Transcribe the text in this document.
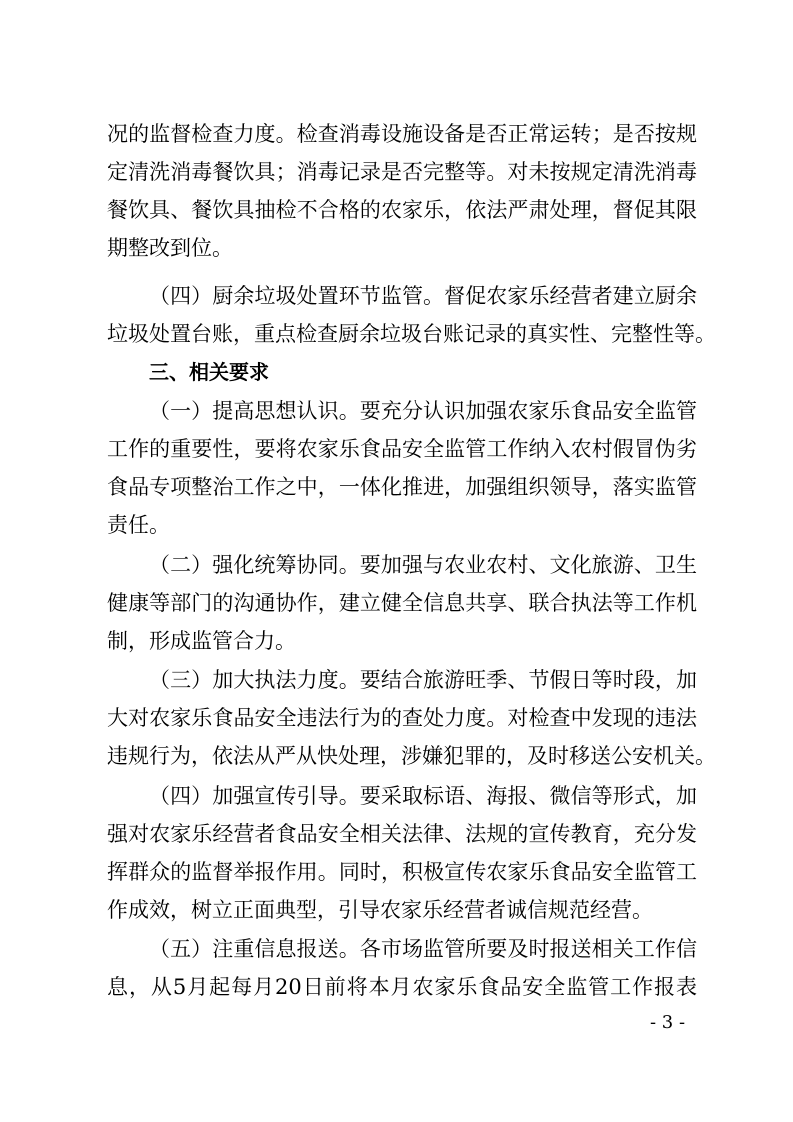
况的监督检查力度。检查消毒设施设备是否正常运转；是否按规
定清洗消毒餐饮具；消毒记录是否完整等。对未按规定清洗消毒
餐饮具、餐饮具抽检不合格的农家乐，依法严肃处理，督促其限
期整改到位。
（四）厨余垃圾处置环节监管。督促农家乐经营者建立厨余
垃圾处置台账，重点检查厨余垃圾台账记录的真实性、完整性等。
三、相关要求
（一）提高思想认识。要充分认识加强农家乐食品安全监管
工作的重要性，要将农家乐食品安全监管工作纳入农村假冒伪劣
食品专项整治工作之中，一体化推进，加强组织领导，落实监管
责任。
（二）强化统筹协同。要加强与农业农村、文化旅游、卫生
健康等部门的沟通协作，建立健全信息共享、联合执法等工作机
制，形成监管合力。
（三）加大执法力度。要结合旅游旺季、节假日等时段，加
大对农家乐食品安全违法行为的查处力度。对检查中发现的违法
违规行为，依法从严从快处理，涉嫌犯罪的，及时移送公安机关。
（四）加强宣传引导。要采取标语、海报、微信等形式，加
强对农家乐经营者食品安全相关法律、法规的宣传教育，充分发
挥群众的监督举报作用。同时，积极宣传农家乐食品安全监管工
作成效，树立正面典型，引导农家乐经营者诚信规范经营。
（五）注重信息报送。各市场监管所要及时报送相关工作信
息，从5月起每月20日前将本月农家乐食品安全监管工作报表
- 3 -
